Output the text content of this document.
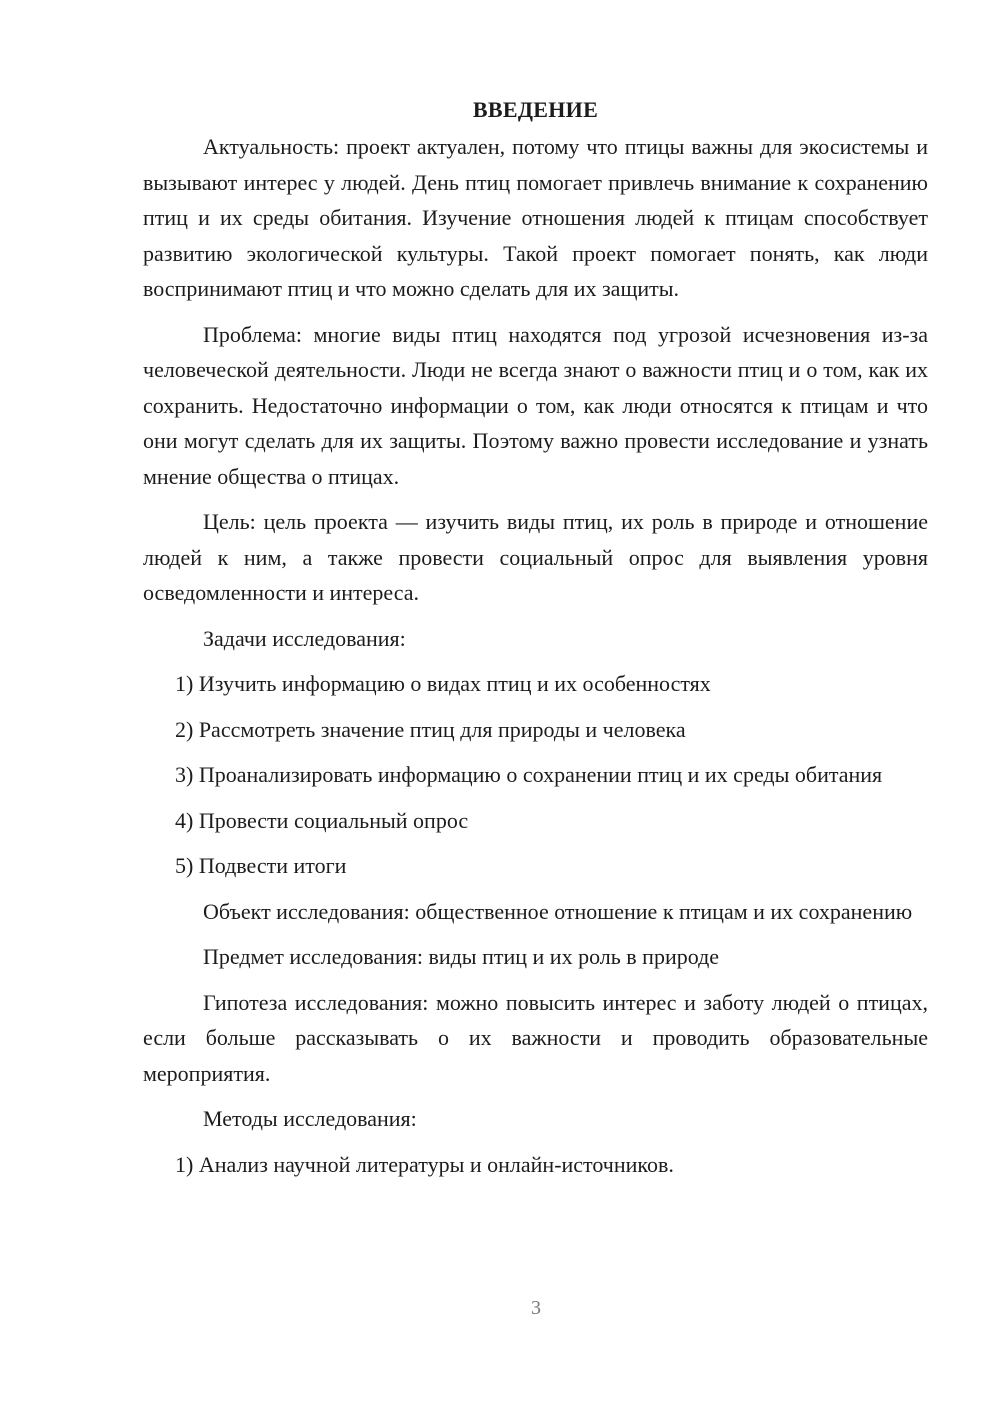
ВВЕДЕНИЕ

Актуальность: проект актуален, потому что птицы важны для экосистемы и вызывают интерес у людей. День птиц помогает привлечь внимание к сохранению птиц и их среды обитания. Изучение отношения людей к птицам способствует развитию экологической культуры. Такой проект помогает понять, как люди воспринимают птиц и что можно сделать для их защиты.

Проблема: многие виды птиц находятся под угрозой исчезновения из-за человеческой деятельности. Люди не всегда знают о важности птиц и о том, как их сохранить. Недостаточно информации о том, как люди относятся к птицам и что они могут сделать для их защиты. Поэтому важно провести исследование и узнать мнение общества о птицах.

Цель: цель проекта — изучить виды птиц, их роль в природе и отношение людей к ним, а также провести социальный опрос для выявления уровня осведомленности и интереса.

Задачи исследования:

1) Изучить информацию о видах птиц и их особенностях

2) Рассмотреть значение птиц для природы и человека

3) Проанализировать информацию о сохранении птиц и их среды обитания

4) Провести социальный опрос

5) Подвести итоги

Объект исследования: общественное отношение к птицам и их сохранению

Предмет исследования: виды птиц и их роль в природе

Гипотеза исследования: можно повысить интерес и заботу людей о птицах, если больше рассказывать о их важности и проводить образовательные мероприятия.

Методы исследования:

1) Анализ научной литературы и онлайн-источников.

3
